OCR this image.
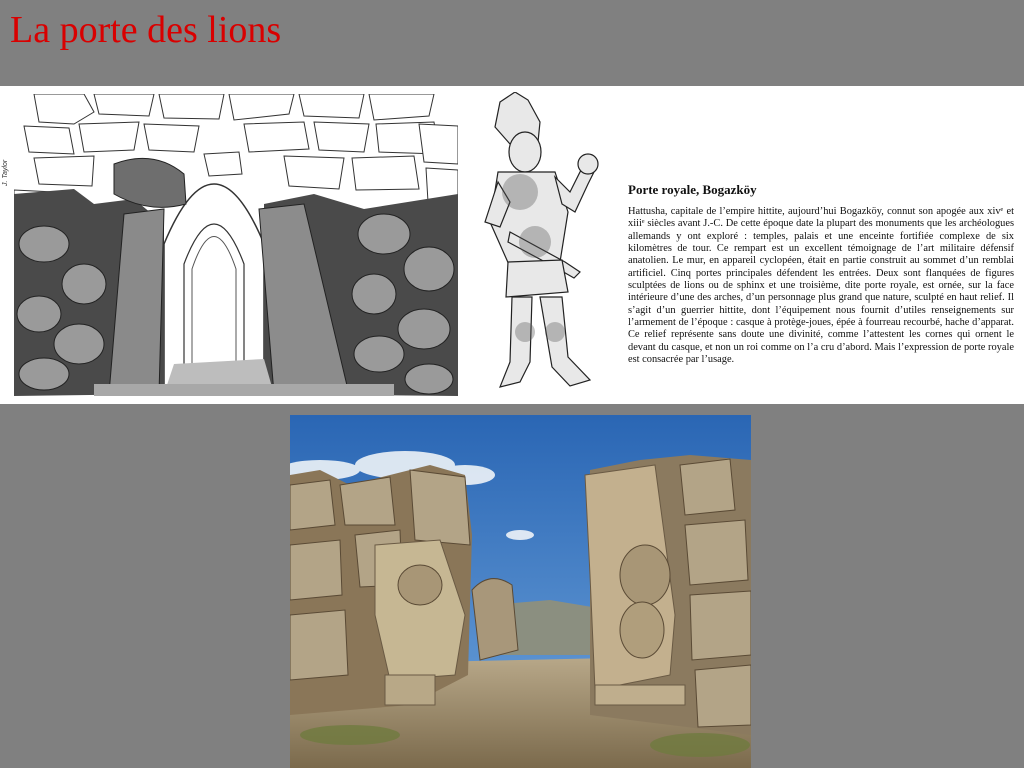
La porte des lions
J. Taylor
Porte royale, Bogazköy
Hattusha, capitale de l’empire hittite, aujourd’hui Bogazköy, connut son apogée aux xivᵉ et xiiiᵉ siècles avant J.-C. De cette époque date la plupart des monuments que les archéologues allemands y ont exploré : temples, palais et une enceinte fortifiée complexe de six kilomètres de tour. Ce rempart est un excellent témoignage de l’art militaire défensif anatolien. Le mur, en appareil cyclopéen, était en partie construit au sommet d’un remblai artificiel. Cinq portes principales défendent les entrées. Deux sont flanquées de figures sculptées de lions ou de sphinx et une troisième, dite porte royale, est ornée, sur la face intérieure d’une des arches, d’un personnage plus grand que nature, sculpté en haut relief. Il s’agit d’un guerrier hittite, dont l’équipement nous fournit d’utiles renseignements sur l’armement de l’époque : casque à protège-joues, épée à fourreau recourbé, hache d’apparat. Ce relief représente sans doute une divinité, comme l’attestent les cornes qui ornent le devant du casque, et non un roi comme on l’a cru d’abord. Mais l’expression de porte royale est consacrée par l’usage.
